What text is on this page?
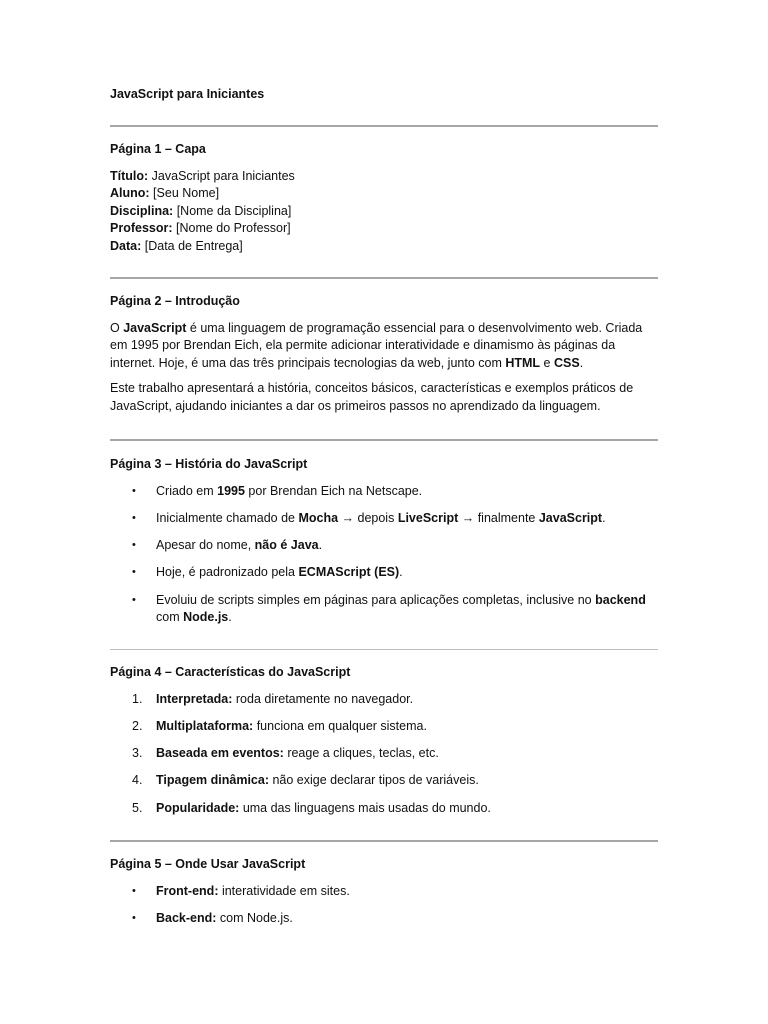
JavaScript para Iniciantes
Página 1 – Capa
Título: JavaScript para Iniciantes
Aluno: [Seu Nome]
Disciplina: [Nome da Disciplina]
Professor: [Nome do Professor]
Data: [Data de Entrega]
Página 2 – Introdução
O JavaScript é uma linguagem de programação essencial para o desenvolvimento web. Criada
em 1995 por Brendan Eich, ela permite adicionar interatividade e dinamismo às páginas da
internet. Hoje, é uma das três principais tecnologias da web, junto com HTML e CSS.
Este trabalho apresentará a história, conceitos básicos, características e exemplos práticos de
JavaScript, ajudando iniciantes a dar os primeiros passos no aprendizado da linguagem.
Página 3 – História do JavaScript
• Criado em 1995 por Brendan Eich na Netscape.
• Inicialmente chamado de Mocha → depois LiveScript → finalmente JavaScript.
• Apesar do nome, não é Java.
• Hoje, é padronizado pela ECMAScript (ES).
• Evoluiu de scripts simples em páginas para aplicações completas, inclusive no backend
com Node.js.
Página 4 – Características do JavaScript
1. Interpretada: roda diretamente no navegador.
2. Multiplataforma: funciona em qualquer sistema.
3. Baseada em eventos: reage a cliques, teclas, etc.
4. Tipagem dinâmica: não exige declarar tipos de variáveis.
5. Popularidade: uma das linguagens mais usadas do mundo.
Página 5 – Onde Usar JavaScript
• Front-end: interatividade em sites.
• Back-end: com Node.js.
